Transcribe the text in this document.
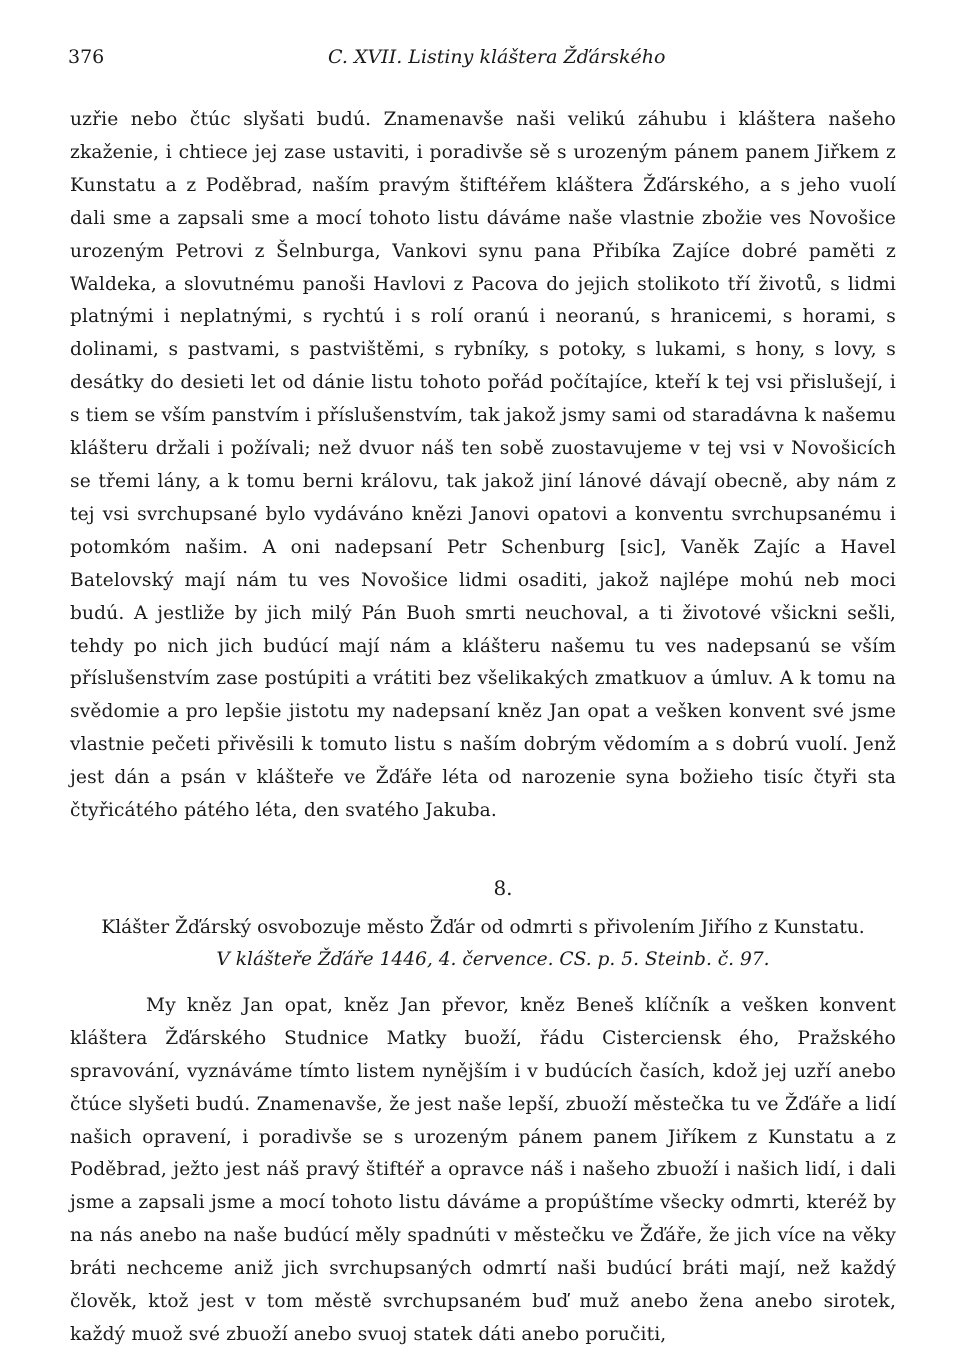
376	C. XVII. Listiny kláštera Žďárského

uzřie nebo čtúc slyšati budú. Znamenavše naši velikú záhubu i kláštera našeho zkaženie, i chtiece jej zase ustaviti, i poradivše sě s urozeným pánem panem Jiřkem z Kunstatu a z Poděbrad, naším pravým štiftéřem kláštera Žďárského, a s jeho vuolí dali sme a zapsali sme a mocí tohoto listu dáváme naše vlastnie zbožie ves Novošice urozeným Petrovi z Šelnburga, Vankovi synu pana Přibíka Zajíce dobré paměti z Waldeka, a slovutnému panoši Havlovi z Pacova do jejich stolikoto tří životů, s lidmi platnými i neplatnými, s rychtú i s rolí oranú i neoranú, s hranicemi, s horami, s dolinami, s pastvami, s pastvištěmi, s rybníky, s potoky, s lukami, s hony, s lovy, s desátky do desieti let od dánie listu tohoto pořád počítajíce, kteří k tej vsi přislušejí, i s tiem se vším panstvím i příslušenstvím, tak jakož jsmy sami od staradávna k našemu klášteru držali i požívali; než dvuor náš ten sobě zuostavujeme v tej vsi v Novošicích se třemi lány, a k tomu berni královu, tak jakož jiní lánové dávají obecně, aby nám z tej vsi svrchupsané bylo vydáváno knězi Janovi opatovi a konventu svrchupsanému i potomkóm našim. A oni nadepsaní Petr Schenburg [sic], Vaněk Zajíc a Havel Batelovský mají nám tu ves Novošice lidmi osaditi, jakož najlépe mohú neb moci budú. A jestliže by jich milý Pán Buoh smrti neuchoval, a ti životové všickni sešli, tehdy po nich jich budúcí mají nám a klášteru našemu tu ves nadepsanú se vším příslušenstvím zase postúpiti a vrátiti bez všelikakých zmatkuov a úmluv. A k tomu na svědomie a pro lepšie jistotu my nadepsaní kněz Jan opat a vešken konvent své jsme vlastnie pečeti přivěsili k tomuto listu s naším dobrým vědomím a s dobrú vuolí. Jenž jest dán a psán v klášteře ve Žďáře léta od narozenie syna božieho tisíc čtyři sta čtyřicátého pátého léta, den svatého Jakuba.

8.
Klášter Žďárský osvobozuje město Žďár od odmrti s přivolením Jiřího z Kunstatu.
V klášteře Žďáře 1446, 4. července. CS. p. 5. Steinb. č. 97.

My kněz Jan opat, kněz Jan převor, kněz Beneš klíčník a vešken konvent kláštera Žďárského Studnice Matky buoží, řádu Cisterciensk ého, Pražského spravování, vyznáváme tímto listem nynějším i v budúcích časích, kdož jej uzří anebo čtúce slyšeti budú. Znamenavše, že jest naše lepší, zbuoží městečka tu ve Žďáře a lidí našich opravení, i poradivše se s urozeným pánem panem Jiříkem z Kunstatu a z Poděbrad, ježto jest náš pravý štiftéř a opravce náš i našeho zbuoží i našich lidí, i dali jsme a zapsali jsme a mocí tohoto listu dáváme a propúštíme všecky odmrti, kteréž by na nás anebo na naše budúcí měly spadnúti v městečku ve Žďáře, že jich více na věky bráti nechceme aniž jich svrchupsaných odmrtí naši budúcí bráti mají, než každý člověk, ktož jest v tom městě svrchupsaném buď muž anebo žena anebo sirotek, každý muož své zbuoží anebo svuoj statek dáti anebo poručiti,
